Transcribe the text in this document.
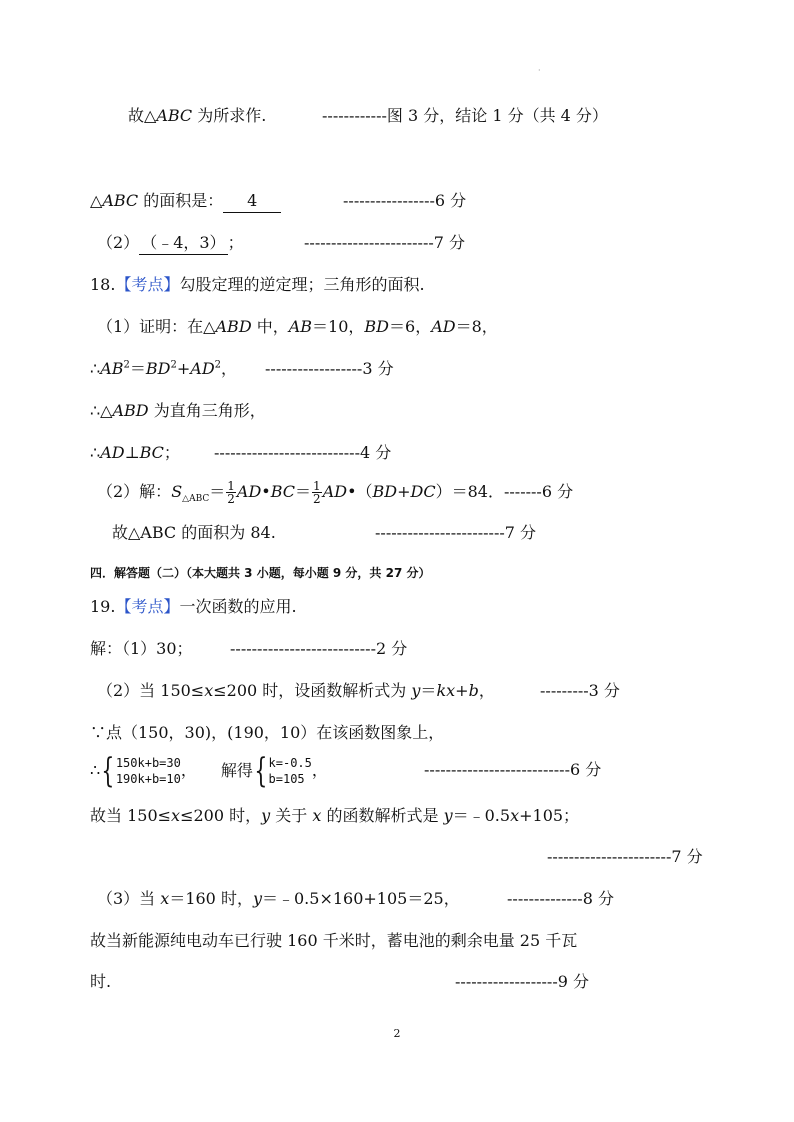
·
故△ABC 为所求作.	------------图 3 分，结论 1 分（共 4 分）
△ABC 的面积是： 4	-----------------6 分
（2） （﹣4，3） ；	------------------------7 分
18.【考点】勾股定理的逆定理；三角形的面积.
（1）证明：在△ABD 中，AB＝10，BD＝6，AD＝8，
$\therefore AB^2=BD^2+AD^2$， ------------------3 分
∴△ABD 为直角三角形，
∴AD⊥BC； ---------------------------4 分
（2）解：$S_{\triangle ABC}= \frac{1}{2}$ AD•BC＝ $\frac{1}{2}$ AD•（BD+DC）＝84．-------6 分
故△ABC 的面积为 84.	------------------------7 分
四．解答题（二）（本大题共 3 小题，每小题 9 分，共 27 分）
19.【考点】一次函数的应用.
解：（1）30； ---------------------------2 分
（2）当 150≤x≤200 时，设函数解析式为 y＝kx+b，	---------3 分
∵点（150，30)，(190，10）在该函数图象上，
∴{ 150k+b=30
190k+b=10 ， 解得{ k=-0.5
b=105 ，	---------------------------6 分
故当 150≤x≤200 时，y 关于 x 的函数解析式是 y＝﹣0.5x+105；
-----------------------7 分
（3）当 x＝160 时，y＝﹣0.5×160+105＝25，	--------------8 分
故当新能源纯电动车已行驶 160 千米时，蓄电池的剩余电量 25 千瓦
时.	-------------------9 分
2
